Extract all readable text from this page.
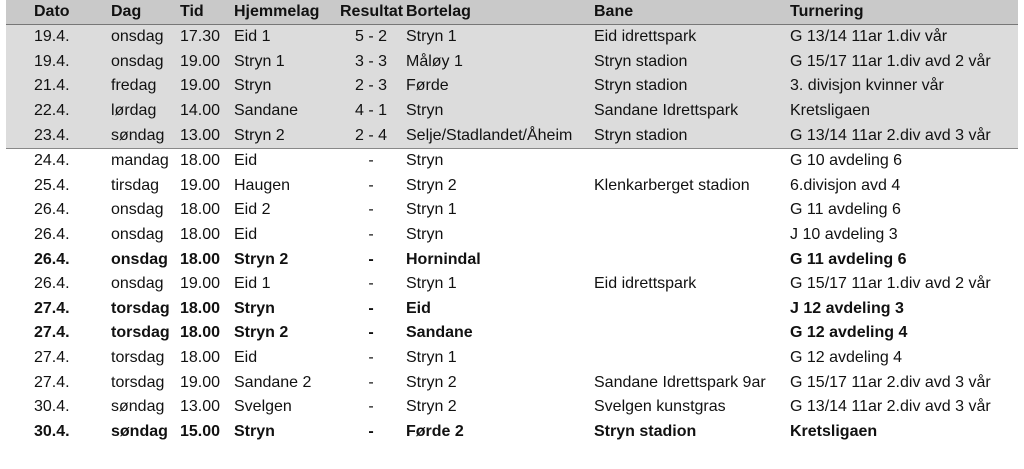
Dato	Dag	Tid	Hjemmelag	Resultat	Bortelag	Bane	Turnering
19.4.	onsdag	17.30	Eid 1	5 - 2	Stryn 1	Eid idrettspark	G 13/14 11ar 1.div vår
19.4.	onsdag	19.00	Stryn 1	3 - 3	Måløy 1	Stryn stadion	G 15/17 11ar 1.div avd 2 vår
21.4.	fredag	19.00	Stryn	2 - 3	Førde	Stryn stadion	3. divisjon kvinner vår
22.4.	lørdag	14.00	Sandane	4 - 1	Stryn	Sandane Idrettspark	Kretsligaen
23.4.	søndag	13.00	Stryn 2	2 - 4	Selje/Stadlandet/Åheim	Stryn stadion	G 13/14 11ar 2.div avd 3 vår
24.4.	mandag	18.00	Eid	-	Stryn		G 10 avdeling 6
25.4.	tirsdag	19.00	Haugen	-	Stryn 2	Klenkarberget stadion	6.divisjon avd 4
26.4.	onsdag	18.00	Eid 2	-	Stryn 1		G 11 avdeling 6
26.4.	onsdag	18.00	Eid	-	Stryn		J 10 avdeling 3
26.4.	onsdag	18.00	Stryn 2	-	Hornindal		G 11 avdeling 6
26.4.	onsdag	19.00	Eid 1	-	Stryn 1	Eid idrettspark	G 15/17 11ar 1.div avd 2 vår
27.4.	torsdag	18.00	Stryn	-	Eid		J 12 avdeling 3
27.4.	torsdag	18.00	Stryn 2	-	Sandane		G 12 avdeling 4
27.4.	torsdag	18.00	Eid	-	Stryn 1		G 12 avdeling 4
27.4.	torsdag	19.00	Sandane 2	-	Stryn 2	Sandane Idrettspark 9ar	G 15/17 11ar 2.div avd 3 vår
30.4.	søndag	13.00	Svelgen	-	Stryn 2	Svelgen kunstgras	G 13/14 11ar 2.div avd 3 vår
30.4.	søndag	15.00	Stryn	-	Førde 2	Stryn stadion	Kretsligaen
